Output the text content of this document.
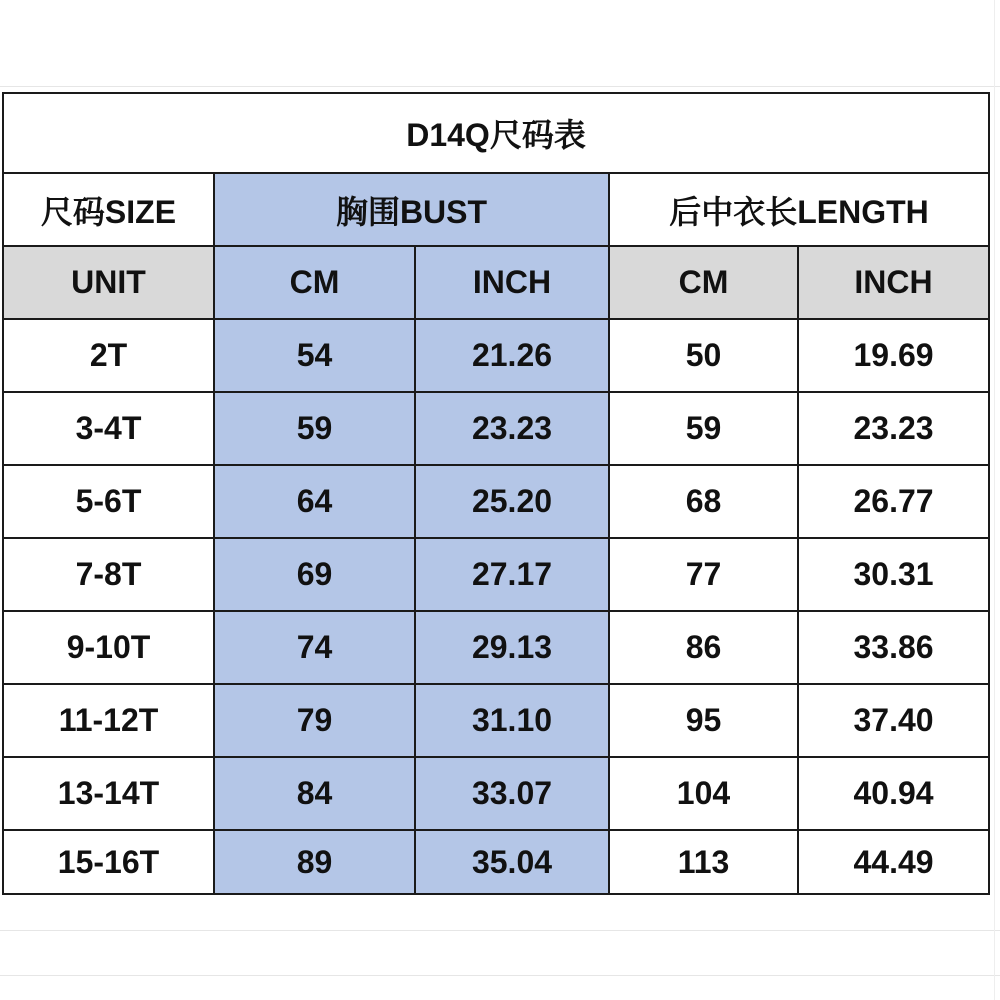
D14Q尺码表				
尺码SIZE	胸围BUST		后中衣长LENGTH	
UNIT	CM	INCH	CM	INCH
2T	54	21.26	50	19.69
3-4T	59	23.23	59	23.23
5-6T	64	25.20	68	26.77
7-8T	69	27.17	77	30.31
9-10T	74	29.13	86	33.86
11-12T	79	31.10	95	37.40
13-14T	84	33.07	104	40.94
15-16T	89	35.04	113	44.49
